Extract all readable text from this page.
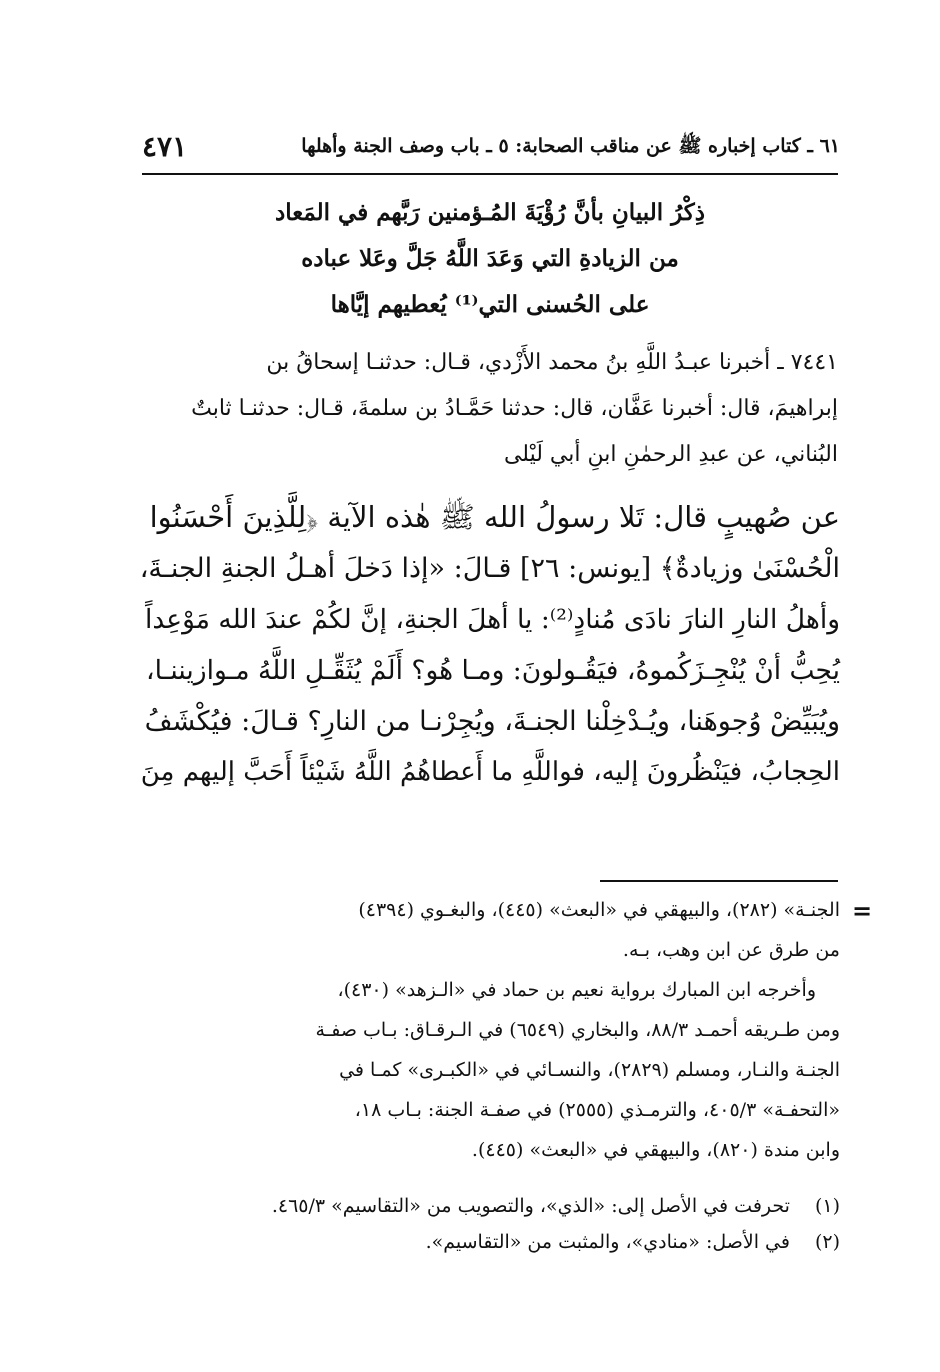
٦١ ـ كتاب إخباره ﷺ عن مناقب الصحابة: ٥ ـ باب وصف الجنة وأهلها
٤٧١
ذِكْرُ البيانِ بأنَّ رُؤْيَةَ المُـؤمنين رَبَّهم في المَعاد
من الزيادةِ التي وَعَدَ اللَّهُ جَلَّ وعَلا عباده
على الحُسنى التي⁽¹⁾ يُعطيهم إيَّاها
٧٤٤١ ـ أخبرنا عبـدُ اللَّهِ بنُ محمد الأَزْدي، قـال: حدثنـا إسحاقُ بن
إبراهيمَ، قال: أخبرنا عَفَّان، قال: حدثنا حَمَّـادُ بن سلمةَ، قـال: حدثنـا ثابتٌ
البُناني، عن عبدِ الرحمٰنِ ابنِ أبي لَيْلى
عن صُهيبٍ قال: تَلا رسولُ الله ﷺ هٰذه الآية ﴿لِلَّذِينَ أَحْسَنُوا
الْحُسْنَىٰ وزيادةٌ﴾ [يونس: ٢٦] قـالَ: «إذا دَخلَ أهـلُ الجنةِ الجنـةَ،
وأهلُ النارِ النارَ نادَى مُنادٍ⁽²⁾: يا أهلَ الجنةِ، إنَّ لكُمْ عندَ الله مَوْعِداً
يُحِبُّ أنْ يُنْجِـزَكُموهُ، فيَقُـولونَ: ومـا هُو؟ أَلَمْ يُثَقِّـلِ اللَّهُ مـوازيننـا،
ويُبَيِّضْ وُجوهَنا، ويُـدْخِلْنا الجنـةَ، ويُجِرْنـا من النارِ؟ قـالَ: فيُكْشَفُ
الحِجابُ، فيَنْظُرونَ إليه، فواللَّهِ ما أَعطاهُمُ اللَّهُ شَيْئاً أَحَبَّ إليهم مِنَ
=
الجنـة» (٢٨٢)، والبيهقي في «البعث» (٤٤٥)، والبغـوي (٤٣٩٤)
من طرق عن ابن وهب، بـه.
وأخرجه ابن المبارك برواية نعيم بن حماد في «الـزهد» (٤٣٠)،
ومن طـريقه أحمـد ٨٨/٣، والبخاري (٦٥٤٩) في الـرقـاق: بـاب صفـة
الجنـة والنـار، ومسلم (٢٨٢٩)، والنسـائي في «الكبـرى» كمـا في
«التحفـة» ٤٠٥/٣، والترمـذي (٢٥٥٥) في صفـة الجنة: بـاب ١٨،
وابن مندة (٨٢٠)، والبيهقي في «البعث» (٤٤٥).
(١) تحرفت في الأصل إلى: «الذي»، والتصويب من «التقاسيم» ٤٦٥/٣.
(٢) في الأصل: «منادي»، والمثبت من «التقاسيم».
